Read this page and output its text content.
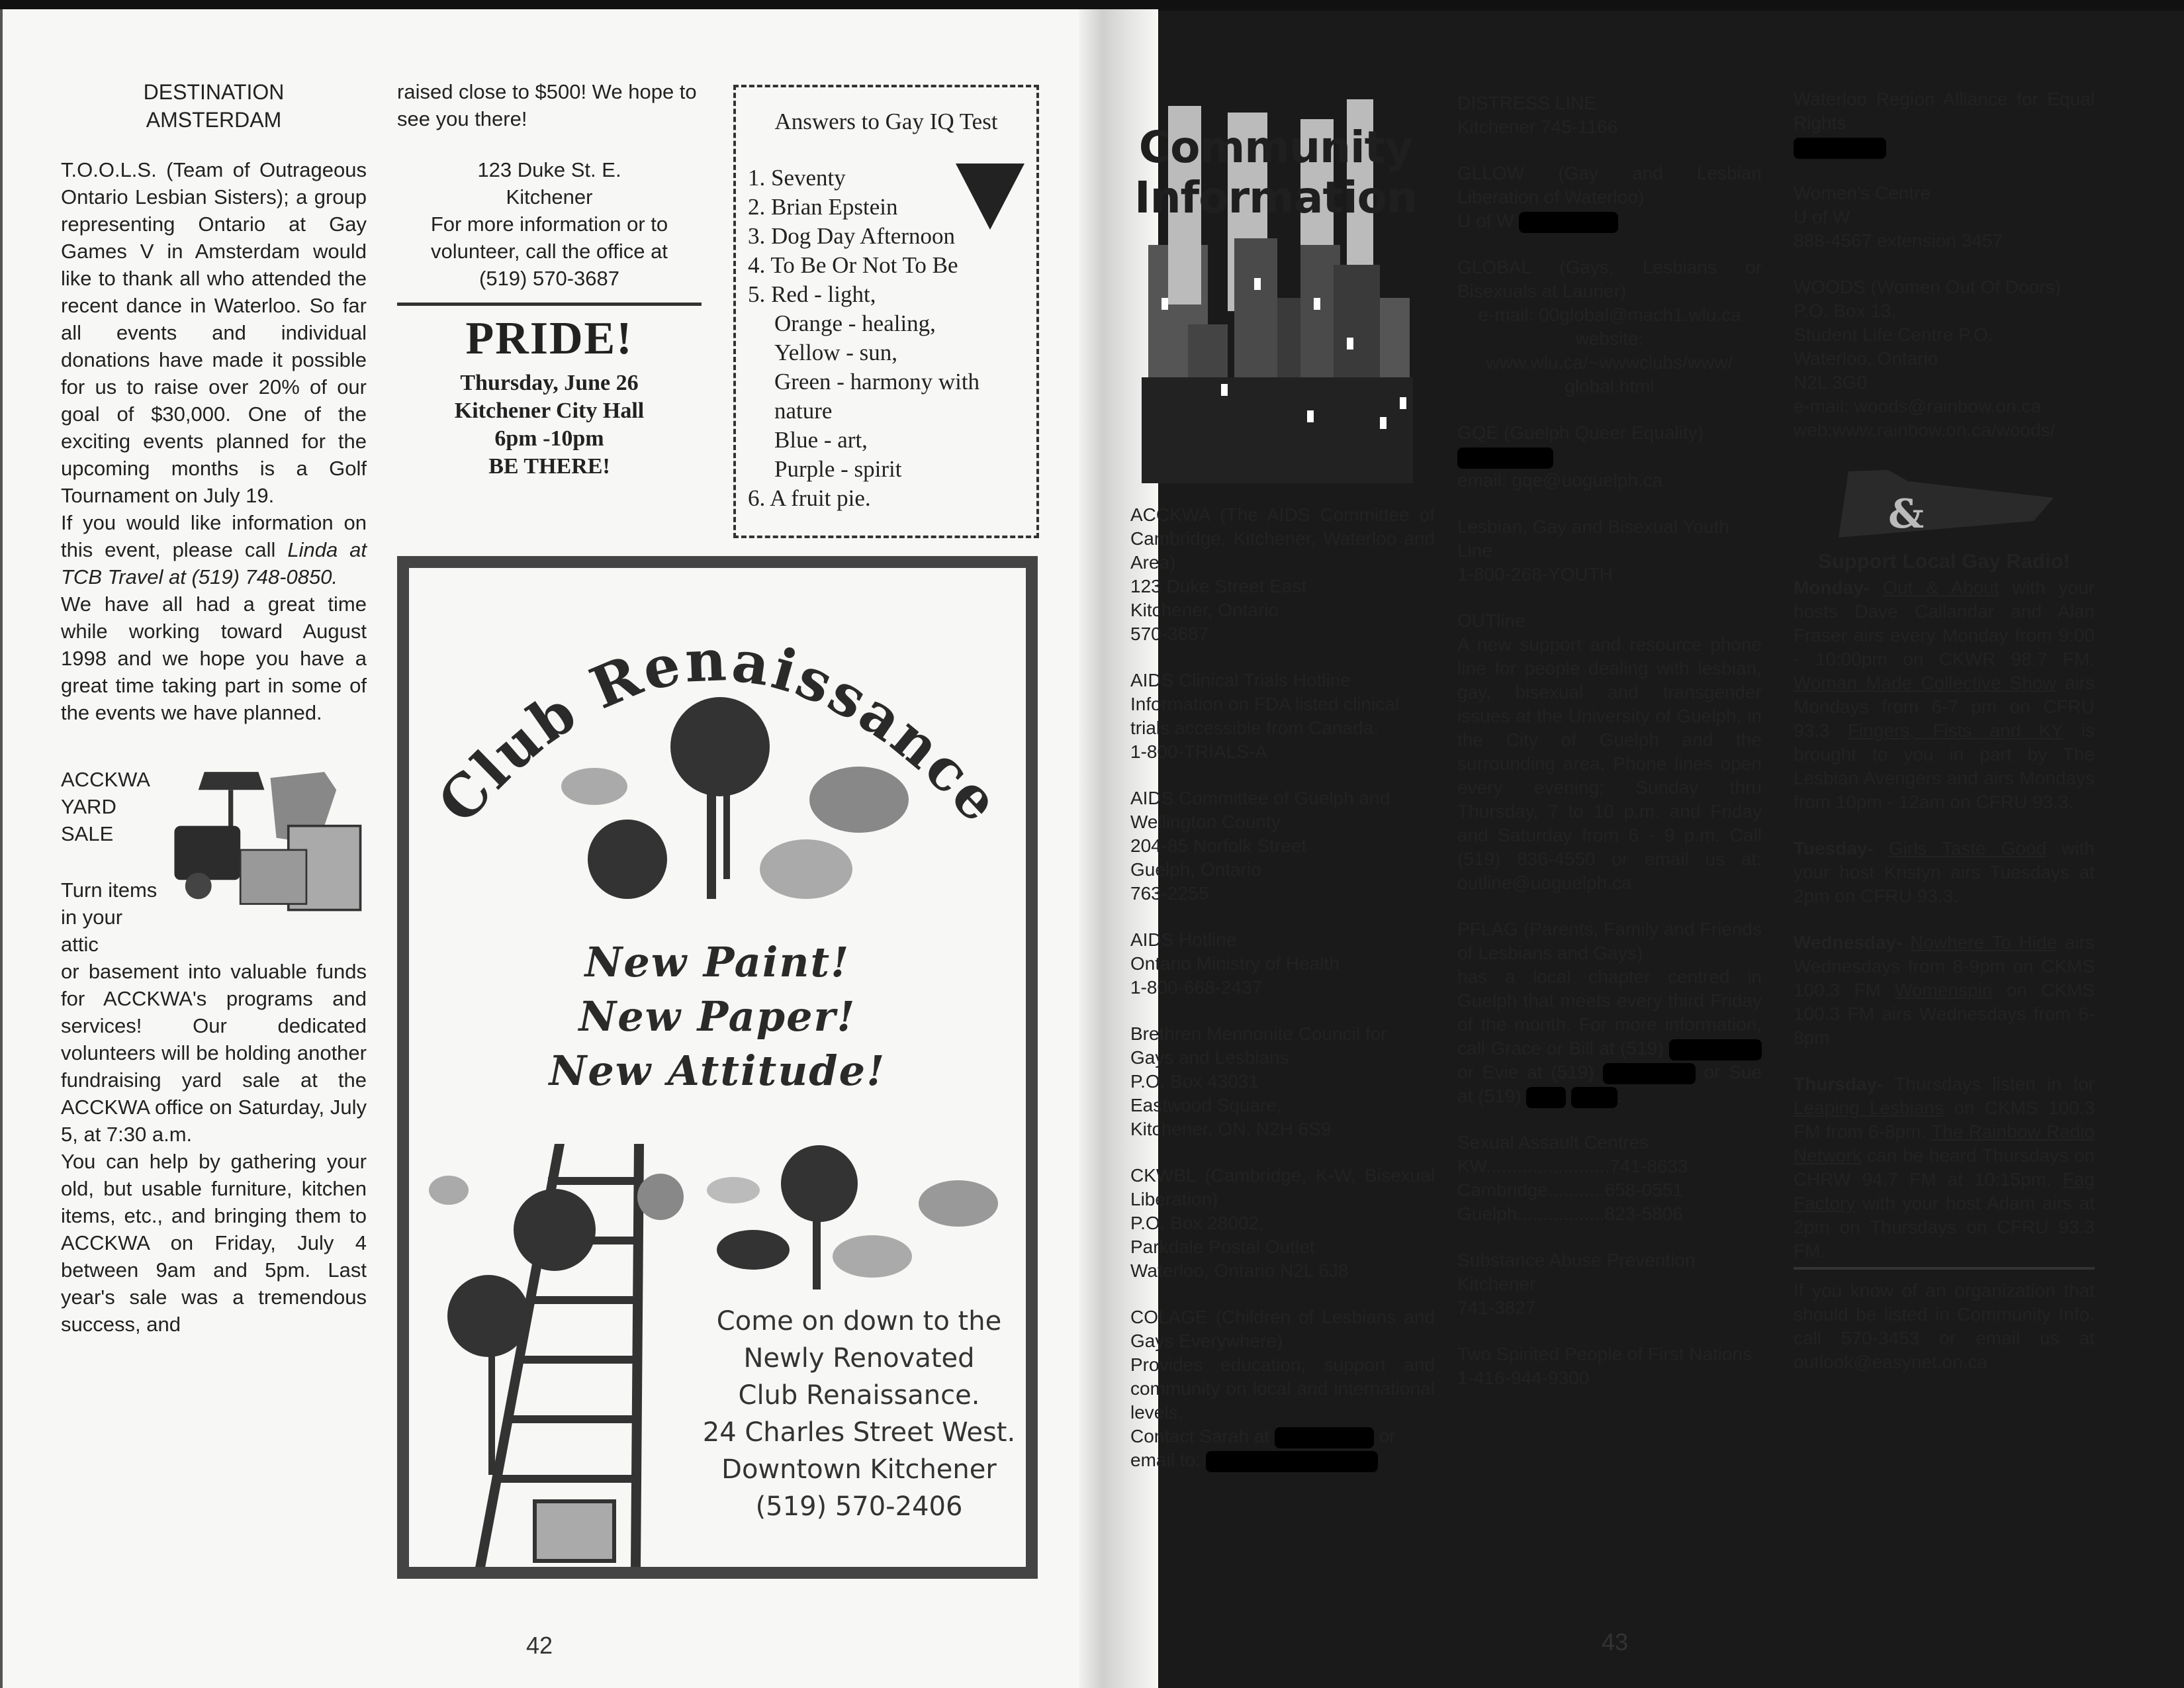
DESTINATION
AMSTERDAM
T.O.O.L.S. (Team of Outrageous Ontario Lesbian Sisters); a group representing Ontario at Gay Games V in Amsterdam would like to thank all who attended the recent dance in Waterloo. So far all events and individual donations have made it possible for us to raise over 20% of our goal of $30,000. One of the exciting events planned for the upcoming months is a Golf Tournament on July 19.
If you would like information on this event, please call Linda at TCB Travel at (519) 748-0850.
We have all had a great time while working toward August 1998 and we hope you have a great time taking part in some of the events we have planned.
ACCKWA
YARD
SALE
Turn items
in your attic
or basement into valuable funds for ACCKWA's programs and services! Our dedicated volunteers will be holding another fundraising yard sale at the ACCKWA office on Saturday, July 5, at 7:30 a.m.
You can help by gathering your old, but usable furniture, kitchen items, etc., and bringing them to ACCKWA on Friday, July 4 between 9am and 5pm. Last year's sale was a tremendous success, and
raised close to $500! We hope to see you there!
123 Duke St. E.
Kitchener
For more information or to
volunteer, call the office at
(519) 570-3687
PRIDE!
Thursday, June 26
Kitchener City Hall
6pm -10pm
BE THERE!
Answers to Gay IQ Test
1. Seventy
2. Brian Epstein
3. Dog Day Afternoon
4. To Be Or Not To Be
5. Red - light,
Orange - healing,
Yellow - sun,
Green - harmony with
nature
Blue - art,
Purple - spirit
6. A fruit pie.
Club Renaissance
New Paint!
New Paper!
New Attitude!
Come on down to the
Newly Renovated
Club Renaissance.
24 Charles Street West.
Downtown Kitchener
(519) 570-2406
42
Community
Information
ACCKWA (The AIDS Committee of Cambridge, Kitchener, Waterloo and Area)
123 Duke Street East
Kitchener, Ontario
570-3687
AIDS Clinical Trials Hotline
Information on FDA listed clinical trials accessible from Canada.
1-800-TRIALS-A
AIDS Committee of Guelph and Wellington County
204-85 Norfolk Street
Guelph, Ontario
763-2255
AIDS Hotline
Ontario Ministry of Health
1-800-668-2437
Brethren Mennonite Council for Gays and Lesbians
P.O. Box 43031
Eastwood Square,
Kitchener, ON. N2H 6S9
CKWBL (Cambridge, K-W, Bisexual Liberation)
P.O. Box 28002,
Parkdale Postal Outlet
Waterloo, Ontario N2L 6J8
COLAGE (Children of Lesbians and Gays Everywhere)
Provides education, support and community on local and international levels.
Contact Sarah at	or
email to:
DISTRESS LINE
Kitchener 745-1166
GLLOW (Gay and Lesbian Liberation of Waterloo)
U of W
GLOBAL (Gays, Lesbians or Bisexuals at Laurier)
e-mail: 00global@mach1.wlu.ca
website:
www.wlu.ca/~wwwclubs/www/
global.html
GQE (Guelph Queer Equality)
email: gqe@uoguelph.ca
Lesbian, Gay and Bisexual Youth Line
1-800-268-YOUTH
OUTline
A new support and resource phone line for people dealing with lesbian, gay, bisexual and transgender issues at the University of Guelph, in the City of Guelph and the surrounding area. Phone lines open every evening; Sunday thru Thursday, 7 to 10 p.m. and Friday and Saturday from 6 - 9 p.m. Call (519) 836-4550 or email us at: outline@uoguelph.ca
PFLAG (Parents, Family and Friends of Lesbians and Gays)
has a local chapter centred in Guelph that meets every third Friday of the month. For more information, call Grace or Bill at (519)  or Evie at (519)	or Sue at (519)	.
Sexual Assault Centres
KW........................741-8633
Cambridge...........658-0551
Guelph.................823-5806
Substance Abuse Prevention
Kitchener
741-3827
Two Spirited People of First Nations
1-416-944-9300
Waterloo Region Alliance for Equal Rights
Women's Centre
U of W
888-4567 extension 3457
WOODS (Women Out Of Doors)
P.O. Box 13,
Student Life Centre P.O.
Waterloo, Ontario
N2L 3G0
e-mail: woods@rainbow.on.ca
web:www.rainbow.on.ca/woods/
&
Support Local Gay Radio!
Monday- Out & About with your hosts Dave Callandar and Alan Fraser airs every Monday from 9:00 - 10:00pm on CKWR 98.7 FM. Woman Made Collective Show airs Mondays from 6-7 pm on CFRU 93.3 Fingers, Fists and KY is brought to you in part by The Lesbian Avengers and airs Mondays from 10pm - 12am on CFRU 93.3.
Tuesday- Girls Taste Good with your host Kristyn airs Tuesdays at 2pm on CFRU 93.3.
Wednesday- Nowhere To Hide airs Wednesdays from 8-9pm on CKMS 100.3 FM Womenspin on CKMS 100.3 FM airs Wednesdays from 6-8pm
Thursday- Thursdays listen in for Leaping Lesbians on CKMS 100.3 FM from 6-8pm. The Rainbow Radio Network can be heard Thursdays on CHRW 94.7 FM at 10:15pm. Fag Factory with your host Adam airs at 2pm on Thursdays on CFRU 93.3 FM.
If you know of an organization that should be listed in Community Info. call 570-3453 or email us at outlook@easynet.on.ca
43
